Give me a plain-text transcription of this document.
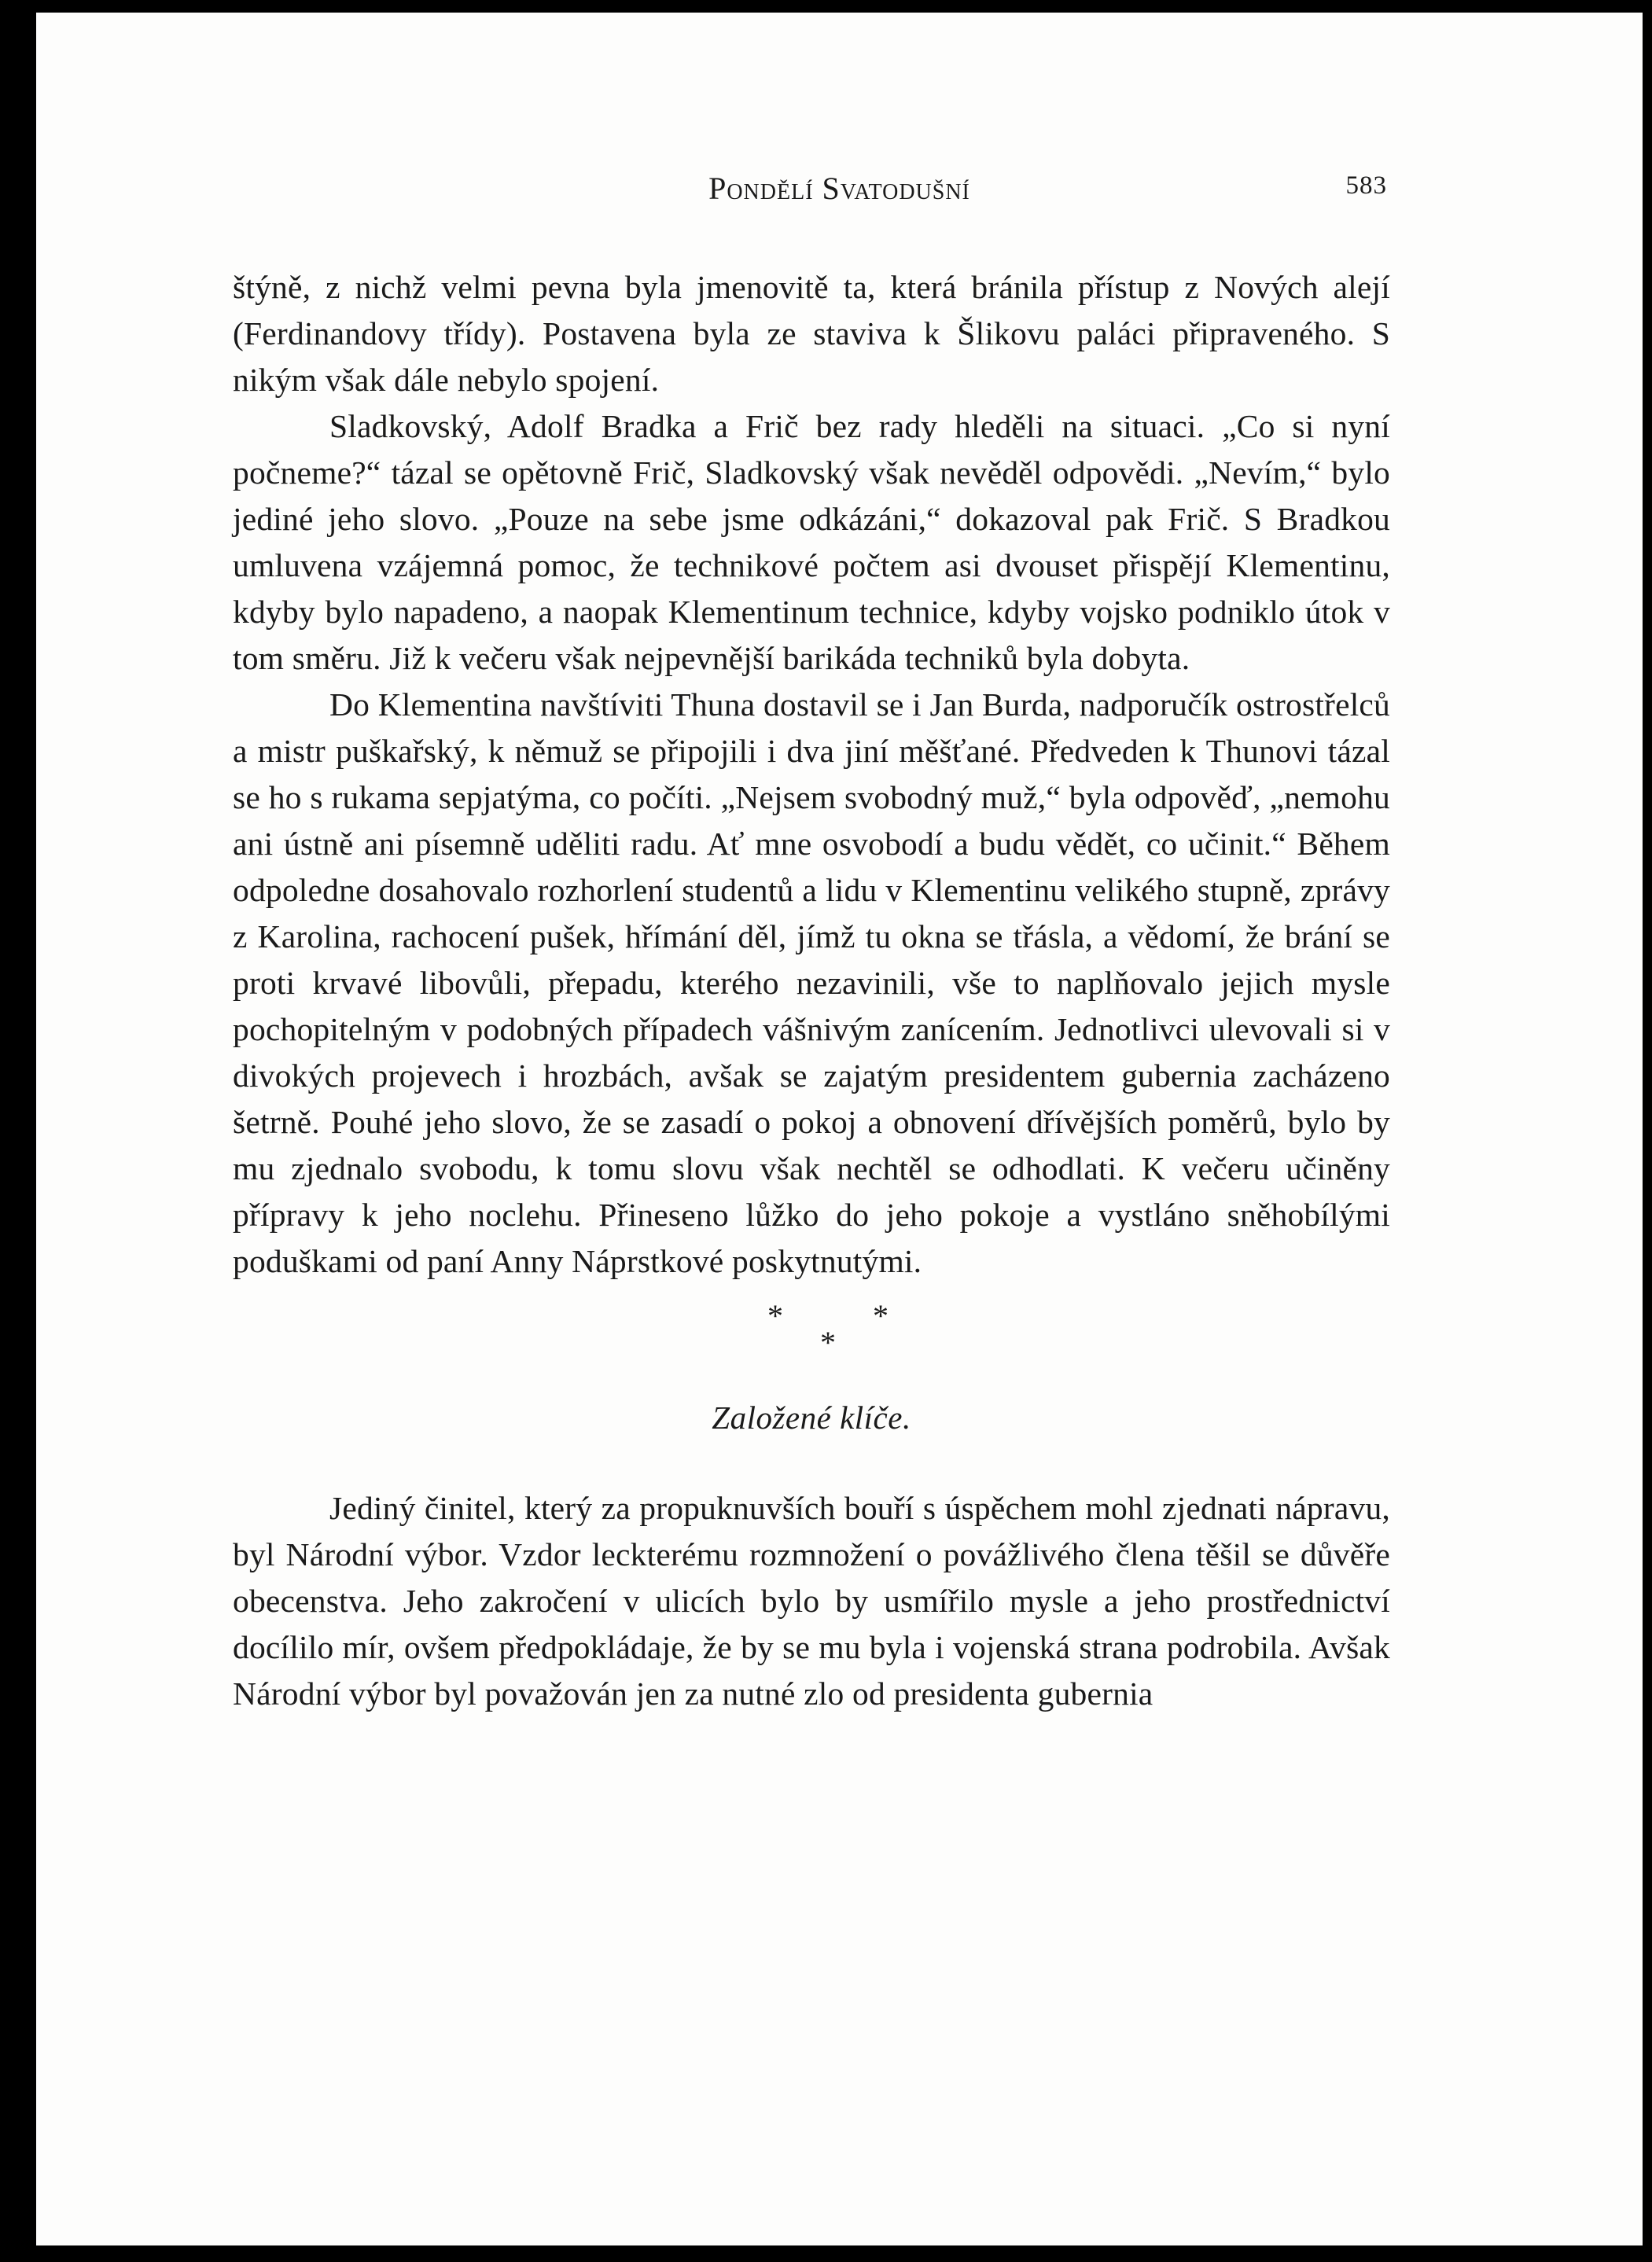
Pondělí Svatodušní	583

štýně, z nichž velmi pevna byla jmenovitě ta, která bránila přístup z Nových alejí (Ferdinandovy třídy). Postavena byla ze staviva k Šlikovu paláci připraveného. S nikým však dále nebylo spojení.

Sladkovský, Adolf Bradka a Frič bez rady hleděli na situaci. „Co si nyní počneme?“ tázal se opětovně Frič, Sladkovský však nevěděl odpovědi. „Nevím,“ bylo jediné jeho slovo. „Pouze na sebe jsme odkázáni,“ dokazoval pak Frič. S Bradkou umluvena vzájemná pomoc, že technikové počtem asi dvouset přispějí Klementinu, kdyby bylo napadeno, a naopak Klementinum technice, kdyby vojsko podniklo útok v tom směru. Již k večeru však nejpevnější barikáda techniků byla dobyta.

Do Klementina navštíviti Thuna dostavil se i Jan Burda, nadporučík ostrostřelců a mistr puškařský, k němuž se připojili i dva jiní měšťané. Předveden k Thunovi tázal se ho s rukama sepjatýma, co počíti. „Nejsem svobodný muž,“ byla odpověď, „nemohu ani ústně ani písemně uděliti radu. Ať mne osvobodí a budu vědět, co učinit.“ Během odpoledne dosahovalo rozhorlení studentů a lidu v Klementinu velikého stupně, zprávy z Karolina, rachocení pušek, hřímání děl, jímž tu okna se třásla, a vědomí, že brání se proti krvavé libovůli, přepadu, kterého nezavinili, vše to naplňovalo jejich mysle pochopitelným v podobných případech vášnivým zanícením. Jednotlivci ulevovali si v divokých projevech i hrozbách, avšak se zajatým presidentem gubernia zacházeno šetrně. Pouhé jeho slovo, že se zasadí o pokoj a obnovení dřívějších poměrů, bylo by mu zjednalo svobodu, k tomu slovu však nechtěl se odhodlati. K večeru učiněny přípravy k jeho noclehu. Přineseno lůžko do jeho pokoje a vystláno sněhobílými poduškami od paní Anny Náprstkové poskytnutými.

*	*
*
Založené klíče.

Jediný činitel, který za propuknuvších bouří s úspěchem mohl zjednati nápravu, byl Národní výbor. Vzdor leckterému rozmnožení o povážlivého člena těšil se důvěře obecenstva. Jeho zakročení v ulicích bylo by usmířilo mysle a jeho prostřednictví docílilo mír, ovšem předpokládaje, že by se mu byla i vojenská strana podrobila. Avšak Národní výbor byl považován jen za nutné zlo od presidenta gubernia
